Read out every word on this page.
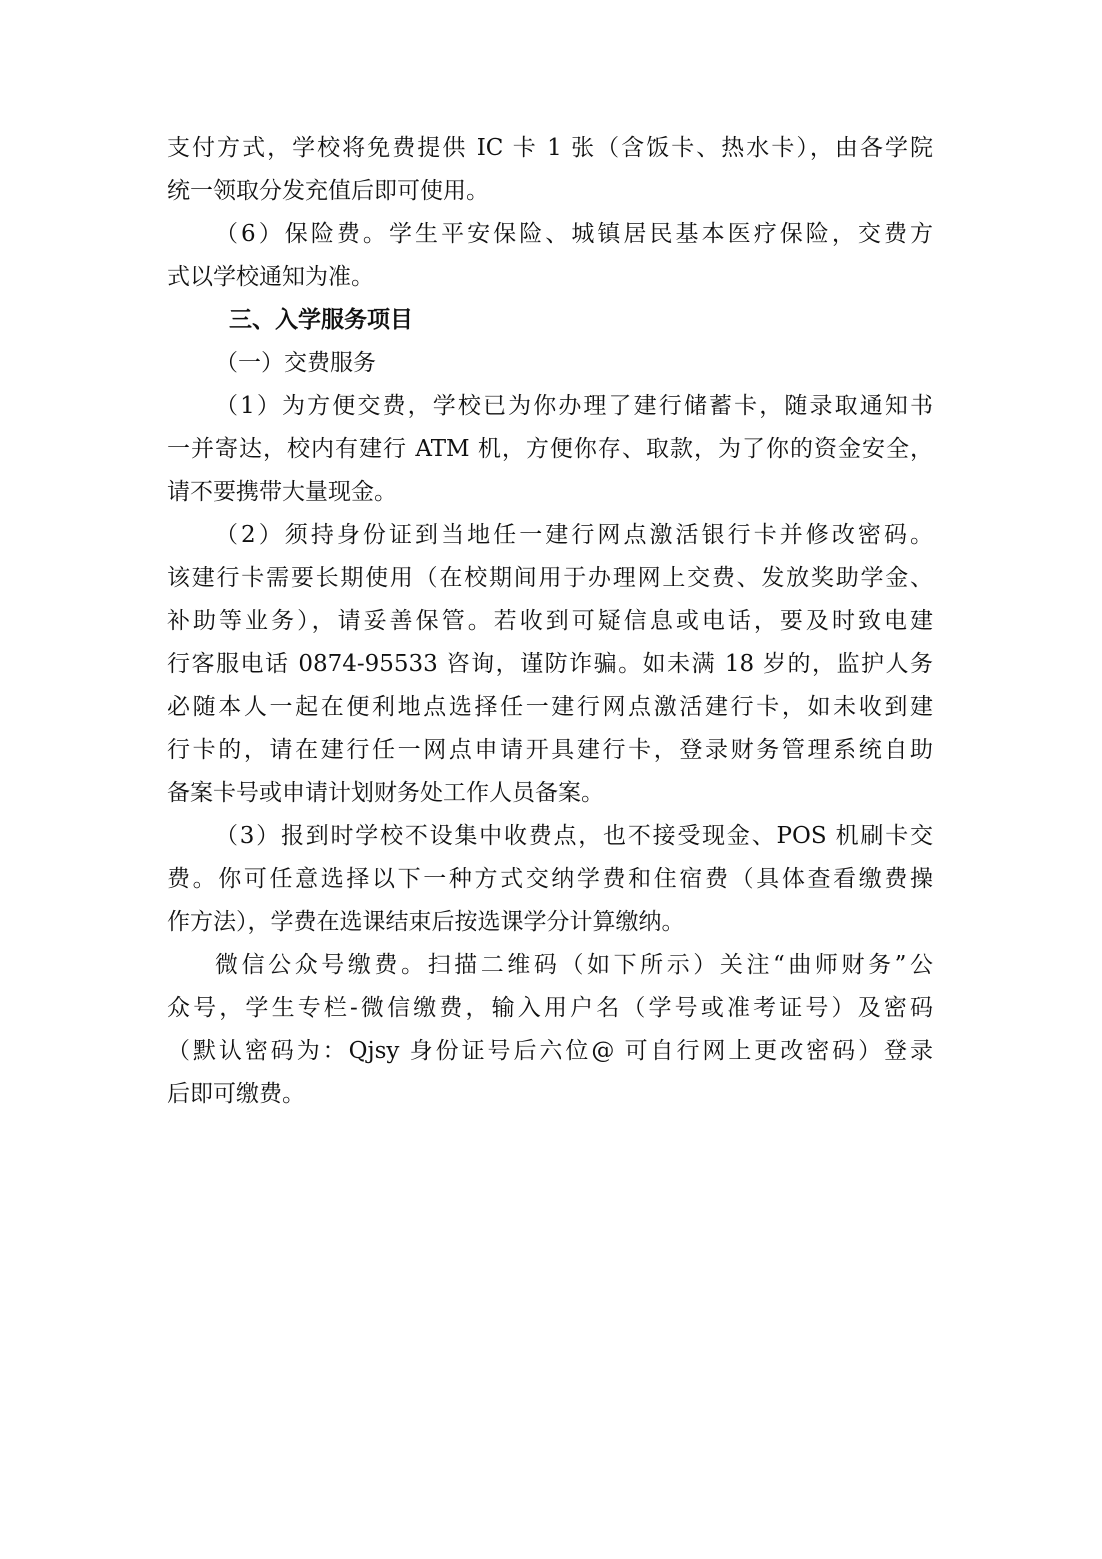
支付方式，学校将免费提供 IC 卡 1 张（含饭卡、热水卡），由各学院
统一领取分发充值后即可使用。
（6）保险费。学生平安保险、城镇居民基本医疗保险，交费方
式以学校通知为准。
三、入学服务项目
（一）交费服务
（1）为方便交费，学校已为你办理了建行储蓄卡，随录取通知书
一并寄达，校内有建行 ATM 机，方便你存、取款，为了你的资金安全，
请不要携带大量现金。
（2）须持身份证到当地任一建行网点激活银行卡并修改密码。
该建行卡需要长期使用（在校期间用于办理网上交费、发放奖助学金、
补助等业务），请妥善保管。若收到可疑信息或电话，要及时致电建
行客服电话 0874-95533 咨询，谨防诈骗。如未满 18 岁的，监护人务
必随本人一起在便利地点选择任一建行网点激活建行卡，如未收到建
行卡的，请在建行任一网点申请开具建行卡，登录财务管理系统自助
备案卡号或申请计划财务处工作人员备案。
（3）报到时学校不设集中收费点，也不接受现金、POS 机刷卡交
费。你可任意选择以下一种方式交纳学费和住宿费（具体查看缴费操
作方法），学费在选课结束后按选课学分计算缴纳。
微信公众号缴费。扫描二维码（如下所示）关注“曲师财务”公
众号，学生专栏-微信缴费，输入用户名（学号或准考证号）及密码
（默认密码为：Qjsy 身份证号后六位@ 可自行网上更改密码）登录
后即可缴费。
